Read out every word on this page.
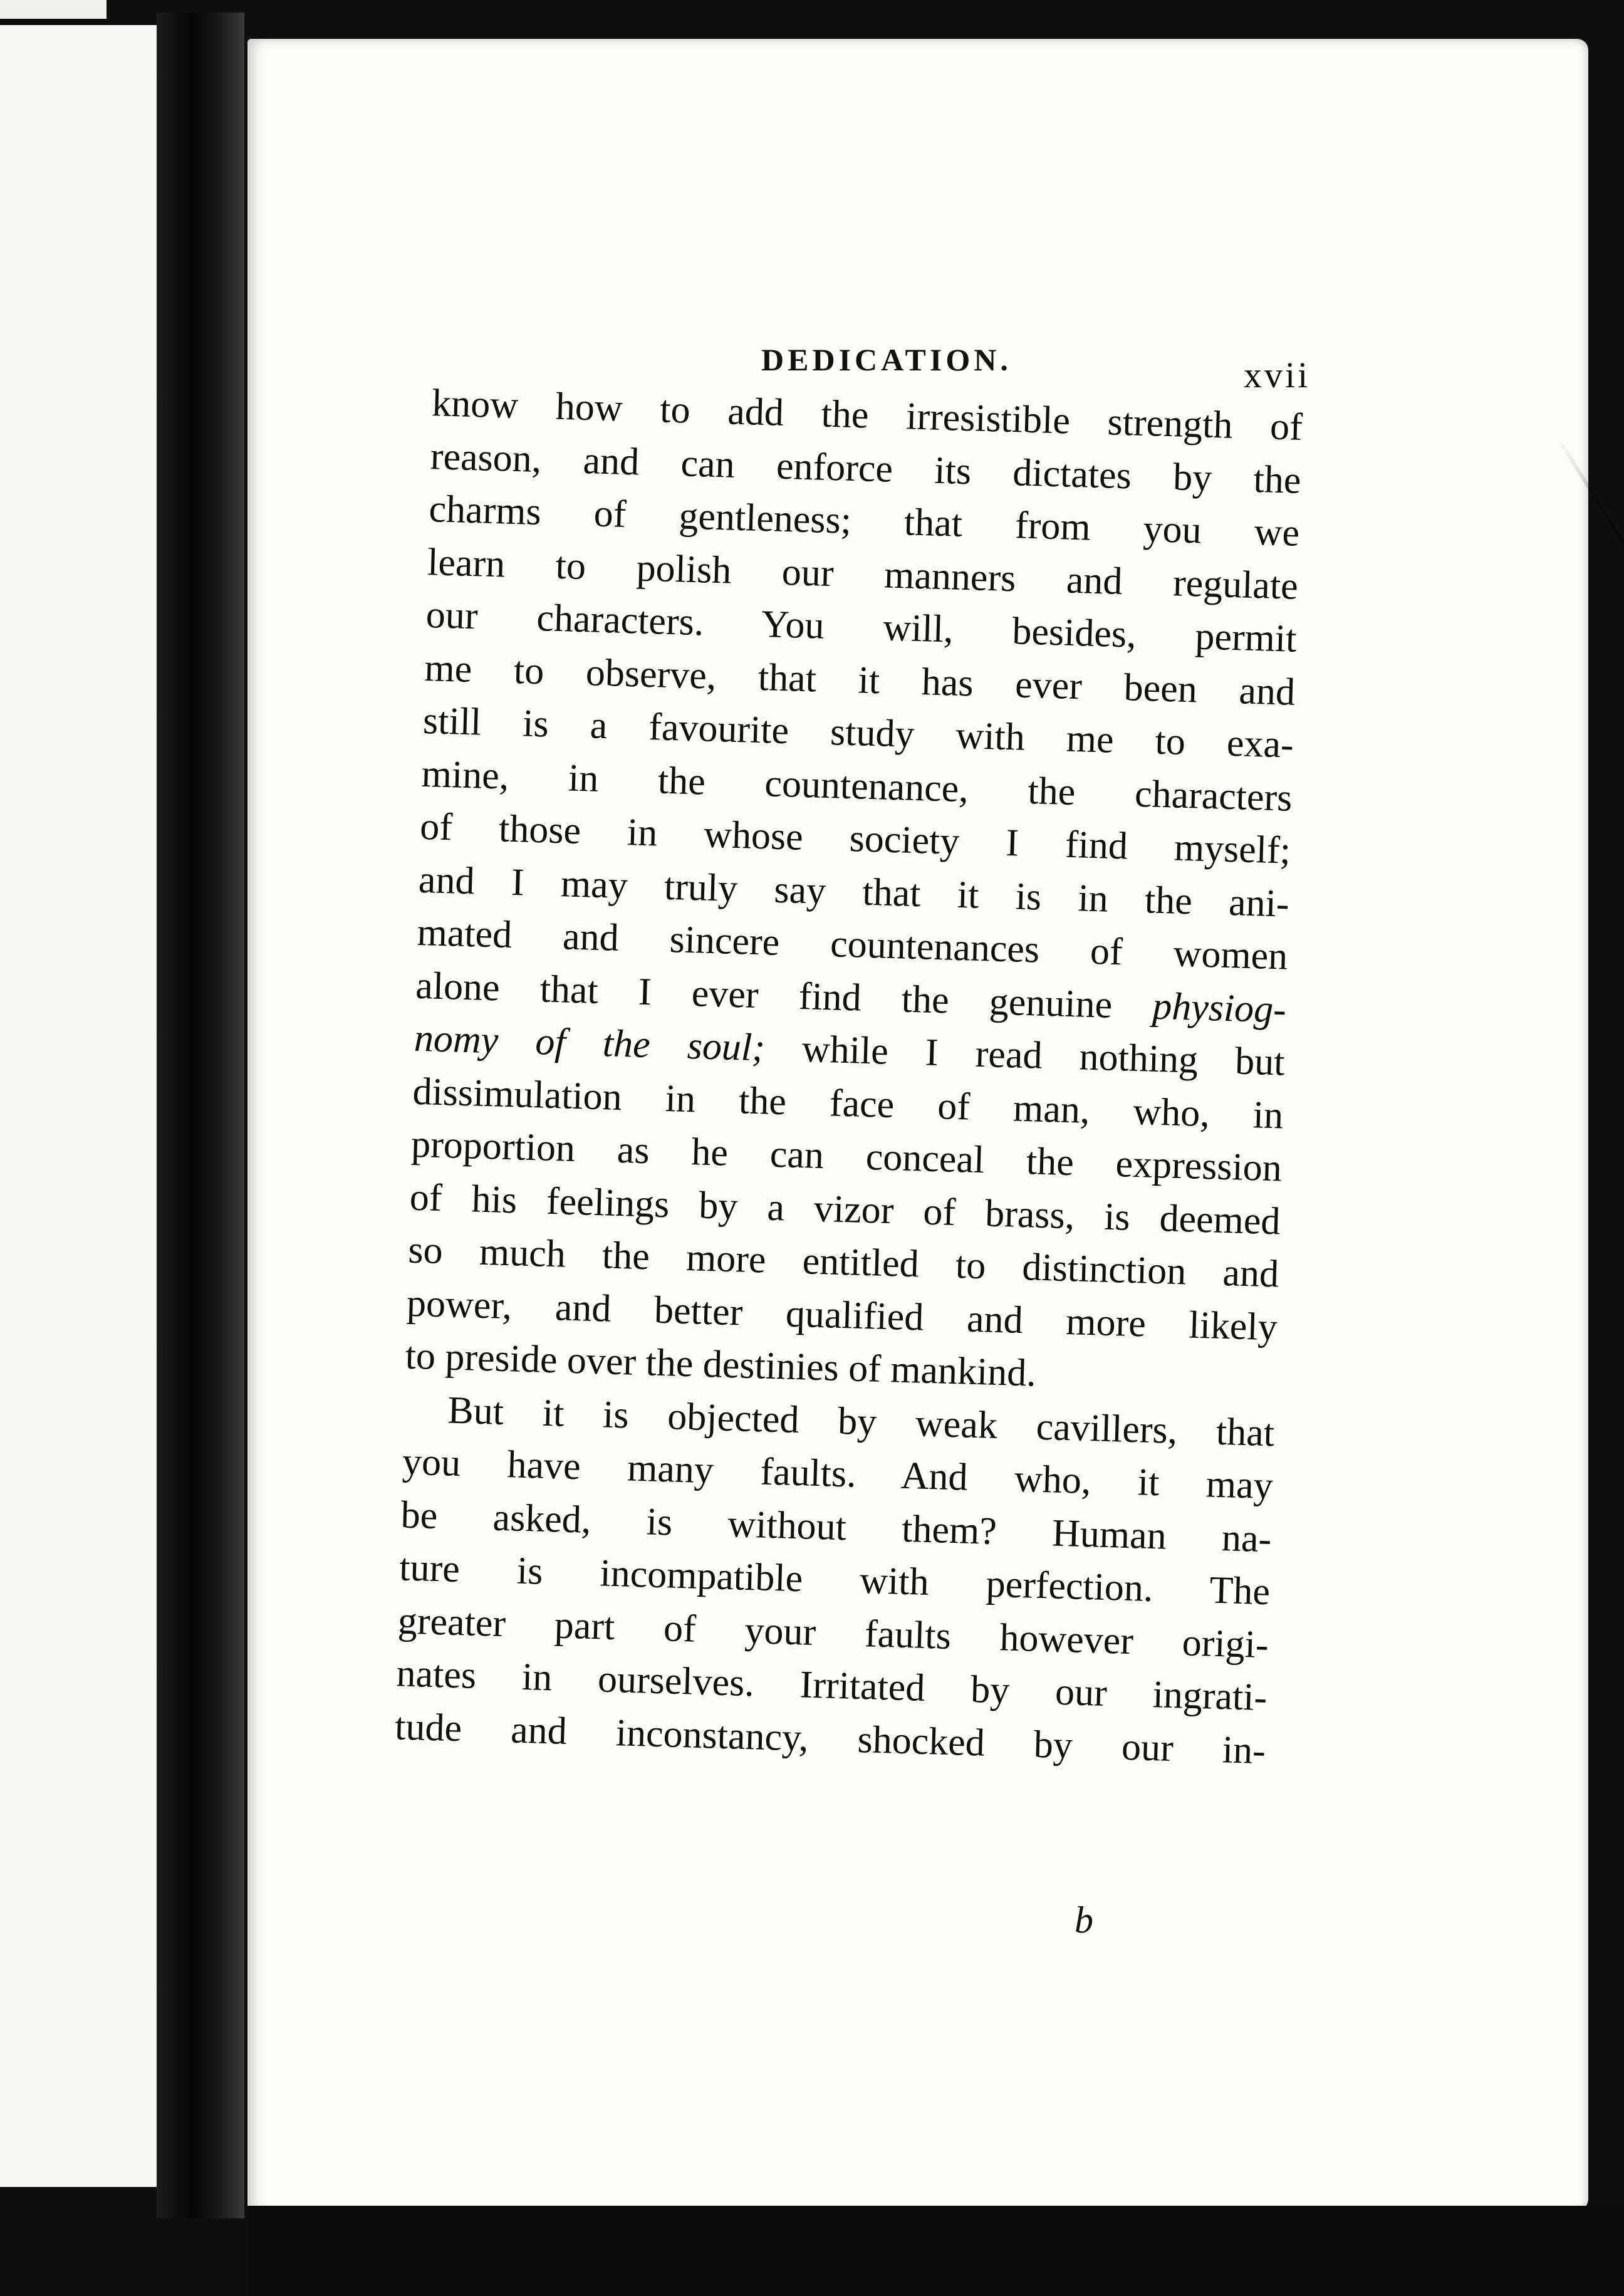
DEDICATION.	xvii
know how to add the irresistible strength of
reason, and can enforce its dictates by the
charms of gentleness; that from you we
learn to polish our manners and regulate
our characters. You will, besides, permit
me to observe, that it has ever been and
still is a favourite study with me to exa-
mine, in the countenance, the characters
of those in whose society I find myself;
and I may truly say that it is in the ani-
mated and sincere countenances of women
alone that I ever find the genuine physiog-
nomy of the soul; while I read nothing but
dissimulation in the face of man, who, in
proportion as he can conceal the expression
of his feelings by a vizor of brass, is deemed
so much the more entitled to distinction and
power, and better qualified and more likely
to preside over the destinies of mankind.
But it is objected by weak cavillers, that
you have many faults. And who, it may
be asked, is without them? Human na-
ture is incompatible with perfection. The
greater part of your faults however origi-
nates in ourselves. Irritated by our ingrati-
tude and inconstancy, shocked by our in-
b
